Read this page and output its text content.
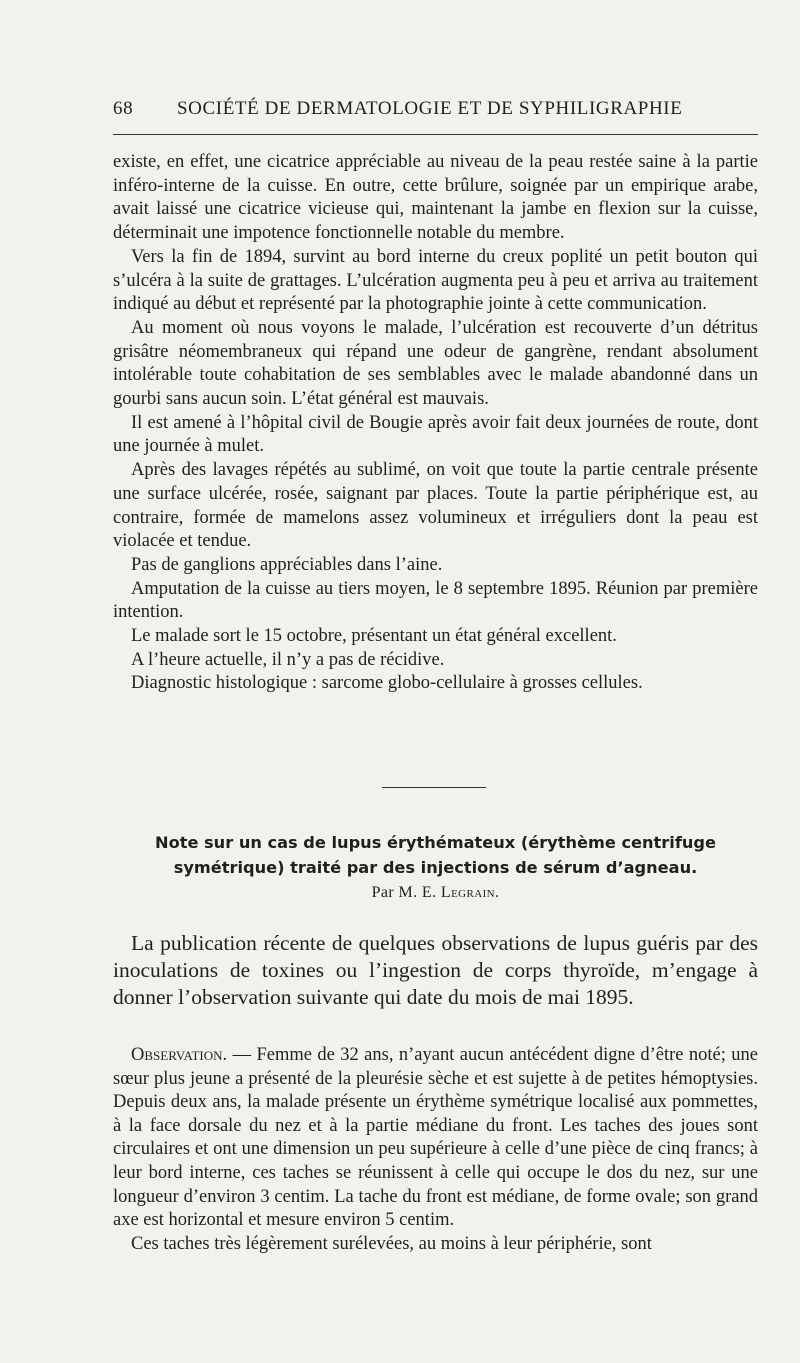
68 SOCIÉTÉ DE DERMATOLOGIE ET DE SYPHILIGRAPHIE

existe, en effet, une cicatrice appréciable au niveau de la peau restée saine à la partie inféro-interne de la cuisse. En outre, cette brûlure, soignée par un empirique arabe, avait laissé une cicatrice vicieuse qui, maintenant la jambe en flexion sur la cuisse, déterminait une impotence fonctionnelle notable du membre.

Vers la fin de 1894, survint au bord interne du creux poplité un petit bouton qui s’ulcéra à la suite de grattages. L’ulcération augmenta peu à peu et arriva au traitement indiqué au début et représenté par la photographie jointe à cette communication.

Au moment où nous voyons le malade, l’ulcération est recouverte d’un détritus grisâtre néomembraneux qui répand une odeur de gangrène, rendant absolument intolérable toute cohabitation de ses semblables avec le malade abandonné dans un gourbi sans aucun soin. L’état général est mauvais.

Il est amené à l’hôpital civil de Bougie après avoir fait deux journées de route, dont une journée à mulet.

Après des lavages répétés au sublimé, on voit que toute la partie centrale présente une surface ulcérée, rosée, saignant par places. Toute la partie périphérique est, au contraire, formée de mamelons assez volumineux et irréguliers dont la peau est violacée et tendue.

Pas de ganglions appréciables dans l’aine.

Amputation de la cuisse au tiers moyen, le 8 septembre 1895. Réunion par première intention.

Le malade sort le 15 octobre, présentant un état général excellent.

A l’heure actuelle, il n’y a pas de récidive.

Diagnostic histologique : sarcome globo-cellulaire à grosses cellules.

Note sur un cas de lupus érythémateux (érythème centrifuge symétrique) traité par des injections de sérum d’agneau.
Par M. E. Legrain.

La publication récente de quelques observations de lupus guéris par des inoculations de toxines ou l’ingestion de corps thyroïde, m’engage à donner l’observation suivante qui date du mois de mai 1895.

Observation. — Femme de 32 ans, n’ayant aucun antécédent digne d’être noté; une sœur plus jeune a présenté de la pleurésie sèche et est sujette à de petites hémoptysies. Depuis deux ans, la malade présente un érythème symétrique localisé aux pommettes, à la face dorsale du nez et à la partie médiane du front. Les taches des joues sont circulaires et ont une dimension un peu supérieure à celle d’une pièce de cinq francs; à leur bord interne, ces taches se réunissent à celle qui occupe le dos du nez, sur une longueur d’environ 3 centim. La tache du front est médiane, de forme ovale; son grand axe est horizontal et mesure environ 5 centim.

Ces taches très légèrement surélevées, au moins à leur périphérie, sont
